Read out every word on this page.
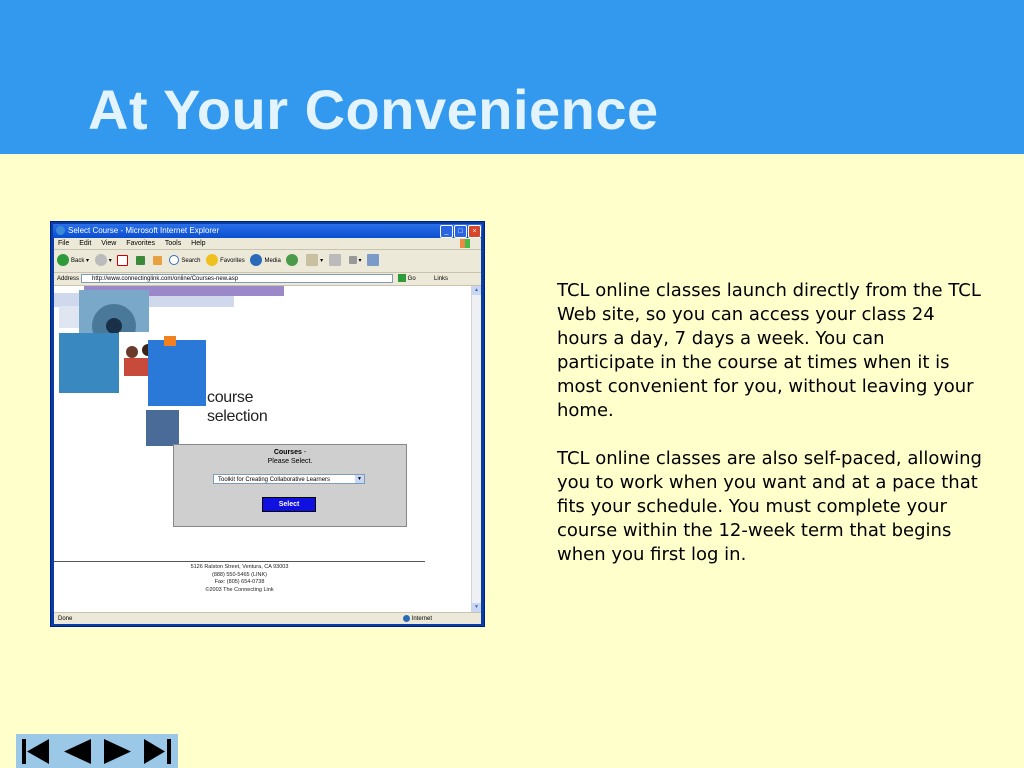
At Your Convenience
Select Course - Microsoft Internet Explorer	_ □ ×
File Edit View Favorites Tools Help
Back ▾	▾	Search	Favorites	Media	▾	▾
Address	http://www.connectinglink.com/online/Courses-new.asp	Go	Links
course
selection
Courses -
Please Select.
Toolkit for Creating Collaborative Learners	▼
Select
5126 Ralston Street, Ventura, CA 93003
(888) 550-5465 (LINK)
Fax: (805) 654-0738
©2003 The Connecting Link
▲
▼
Done	Internet

TCL online classes launch directly from the TCL Web site, so you can access your class 24 hours a day, 7 days a week. You can participate in the course at times when it is most convenient for you, without leaving your home.

TCL online classes are also self-paced, allowing you to work when you want and at a pace that fits your schedule. You must complete your course within the 12-week term that begins when you first log in.
